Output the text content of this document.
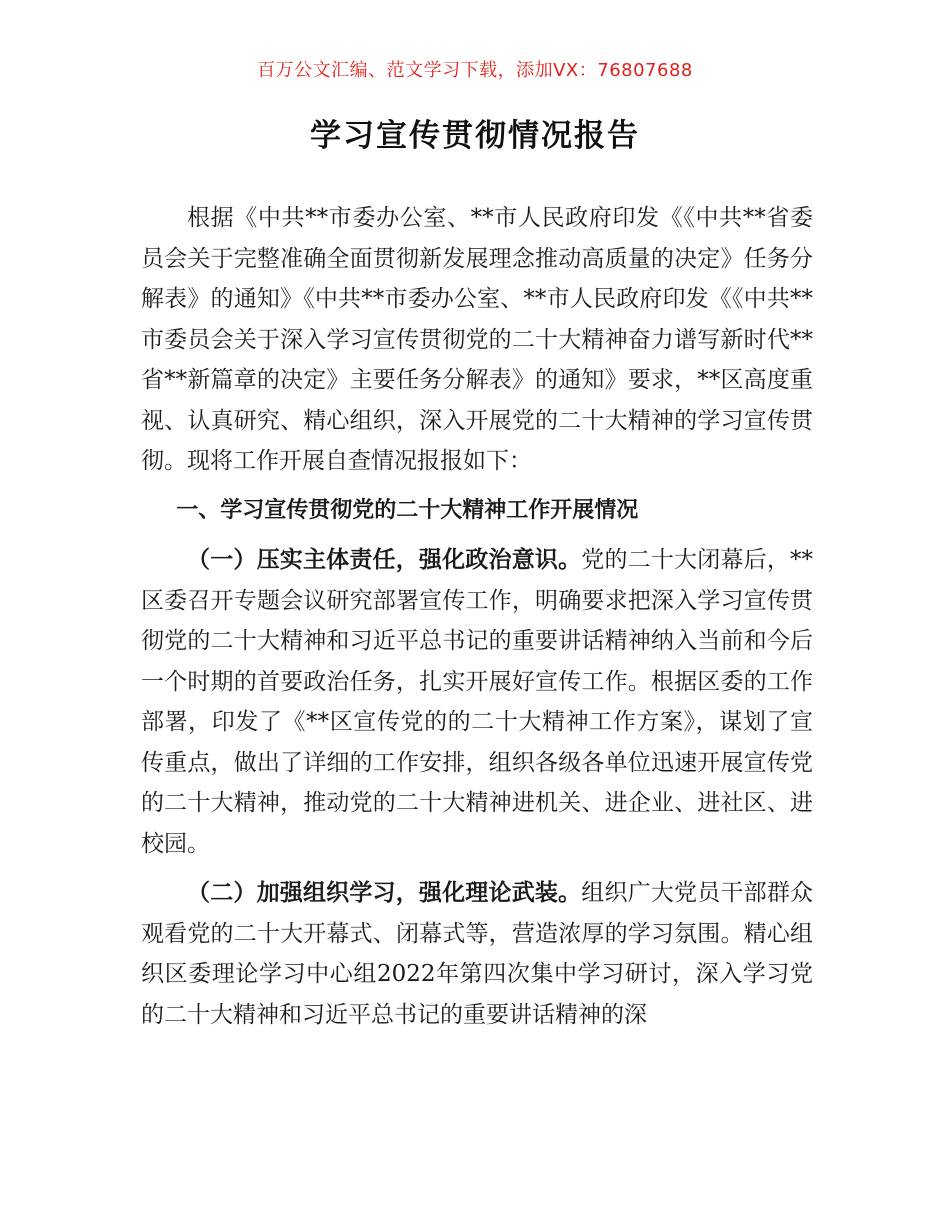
百万公文汇编、范文学习下载，添加VX：76807688
学习宣传贯彻情况报告

根据《中共**市委办公室、**市人民政府印发《《中共**省委员会关于完整准确全面贯彻新发展理念推动高质量的决定》任务分解表》的通知》《中共**市委办公室、**市人民政府印发《《中共**市委员会关于深入学习宣传贯彻党的二十大精神奋力谱写新时代**省**新篇章的决定》主要任务分解表》的通知》要求，**区高度重视、认真研究、精心组织，深入开展党的二十大精神的学习宣传贯彻。现将工作开展自查情况报报如下：

一、学习宣传贯彻党的二十大精神工作开展情况

（一）压实主体责任，强化政治意识。党的二十大闭幕后，**区委召开专题会议研究部署宣传工作，明确要求把深入学习宣传贯彻党的二十大精神和习近平总书记的重要讲话精神纳入当前和今后一个时期的首要政治任务，扎实开展好宣传工作。根据区委的工作部署，印发了《**区宣传党的的二十大精神工作方案》，谋划了宣传重点，做出了详细的工作安排，组织各级各单位迅速开展宣传党的二十大精神，推动党的二十大精神进机关、进企业、进社区、进校园。

（二）加强组织学习，强化理论武装。组织广大党员干部群众观看党的二十大开幕式、闭幕式等，营造浓厚的学习氛围。精心组织区委理论学习中心组2022年第四次集中学习研讨，深入学习党的二十大精神和习近平总书记的重要讲话精神的深
